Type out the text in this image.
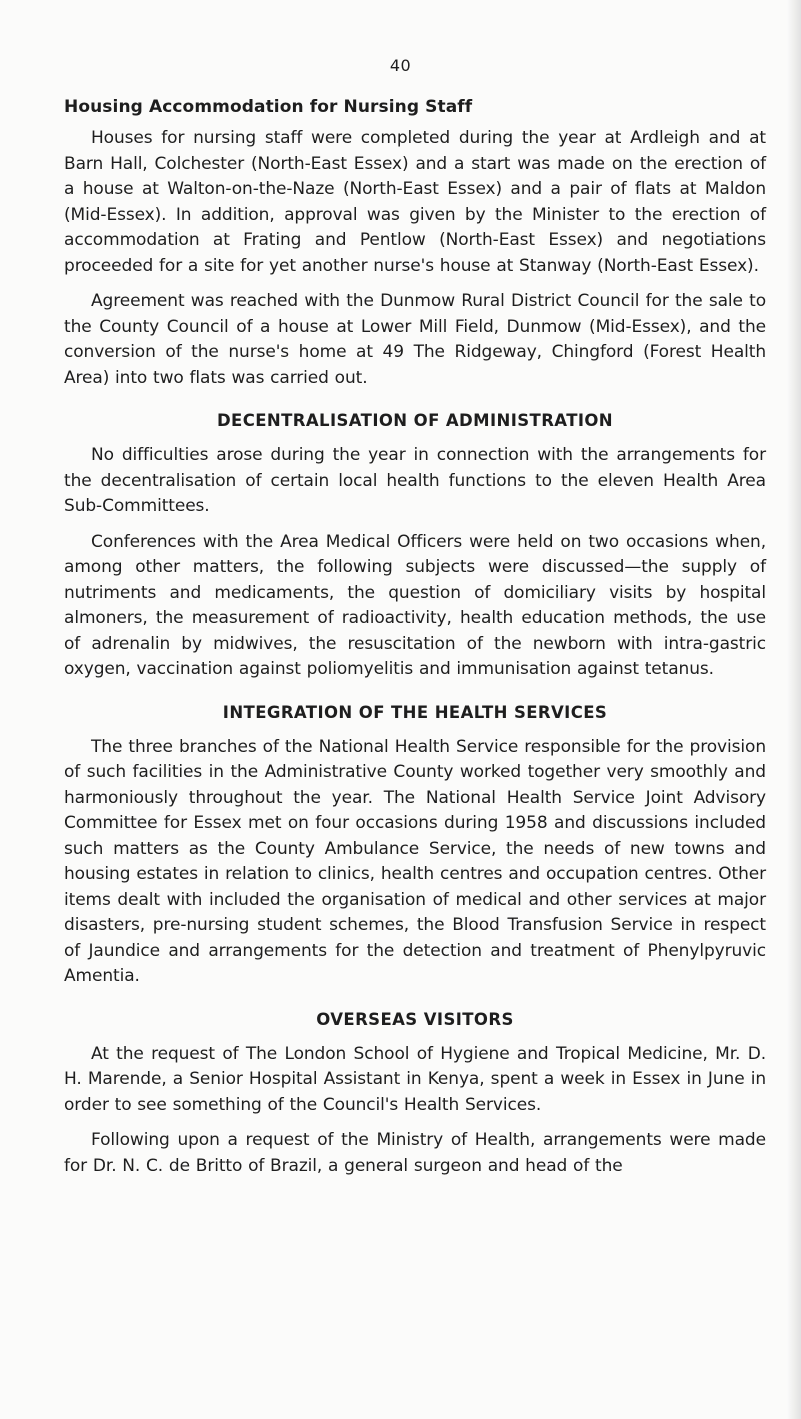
40
Housing Accommodation for Nursing Staff

Houses for nursing staff were completed during the year at Ardleigh and at Barn Hall, Colchester (North-East Essex) and a start was made on the erection of a house at Walton-on-the-Naze (North-East Essex) and a pair of flats at Maldon (Mid-Essex). In addition, approval was given by the Minister to the erection of accommodation at Frating and Pentlow (North-East Essex) and negotiations proceeded for a site for yet another nurse's house at Stanway (North-East Essex).

Agreement was reached with the Dunmow Rural District Council for the sale to the County Council of a house at Lower Mill Field, Dunmow (Mid-Essex), and the conversion of the nurse's home at 49 The Ridgeway, Chingford (Forest Health Area) into two flats was carried out.

DECENTRALISATION OF ADMINISTRATION

No difficulties arose during the year in connection with the arrangements for the decentralisation of certain local health functions to the eleven Health Area Sub-Committees.

Conferences with the Area Medical Officers were held on two occasions when, among other matters, the following subjects were discussed—the supply of nutriments and medicaments, the question of domiciliary visits by hospital almoners, the measurement of radioactivity, health education methods, the use of adrenalin by midwives, the resuscitation of the newborn with intra-gastric oxygen, vaccination against poliomyelitis and immunisation against tetanus.

INTEGRATION OF THE HEALTH SERVICES

The three branches of the National Health Service responsible for the provision of such facilities in the Administrative County worked together very smoothly and harmoniously throughout the year. The National Health Service Joint Advisory Committee for Essex met on four occasions during 1958 and discussions included such matters as the County Ambulance Service, the needs of new towns and housing estates in relation to clinics, health centres and occupation centres. Other items dealt with included the organisation of medical and other services at major disasters, pre-nursing student schemes, the Blood Transfusion Service in respect of Jaundice and arrangements for the detection and treatment of Phenylpyruvic Amentia.

OVERSEAS VISITORS

At the request of The London School of Hygiene and Tropical Medicine, Mr. D. H. Marende, a Senior Hospital Assistant in Kenya, spent a week in Essex in June in order to see something of the Council's Health Services.

Following upon a request of the Ministry of Health, arrangements were made for Dr. N. C. de Britto of Brazil, a general surgeon and head of the
